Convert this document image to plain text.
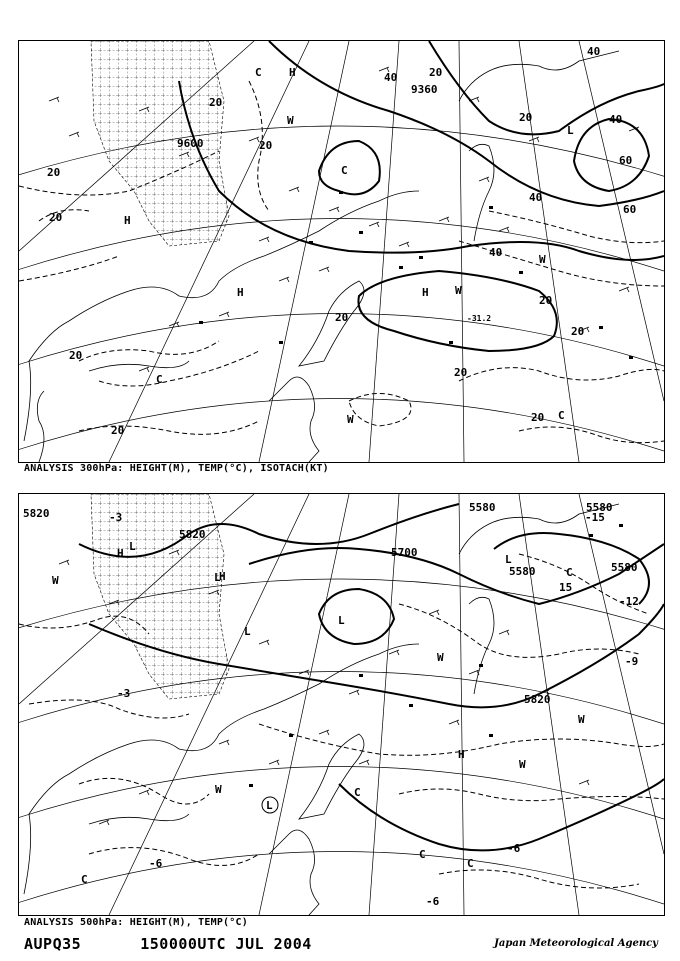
9360
9600
20
20
20
20
20
20
20
20
20
20
20
20
20
40
40
40
40
40
60
60
-31.2
H
H
H	H
C
C
C
C
W
W
W
W
L
ANALYSIS 300hPa: HEIGHT(M), TEMP(°C), ISOTACH(KT)
5820
5820
5820
5700
5580	5580
5580	5580
-3
-3
-6
-6
-6
-9
-12
-15
15
H
H
H
W
W
W
W
W	C
C
C
C
C
L
L
L
L
L
L
ANALYSIS 500hPa: HEIGHT(M), TEMP(°C)
AUPQ35	150000UTC JUL 2004	Japan Meteorological Agency
